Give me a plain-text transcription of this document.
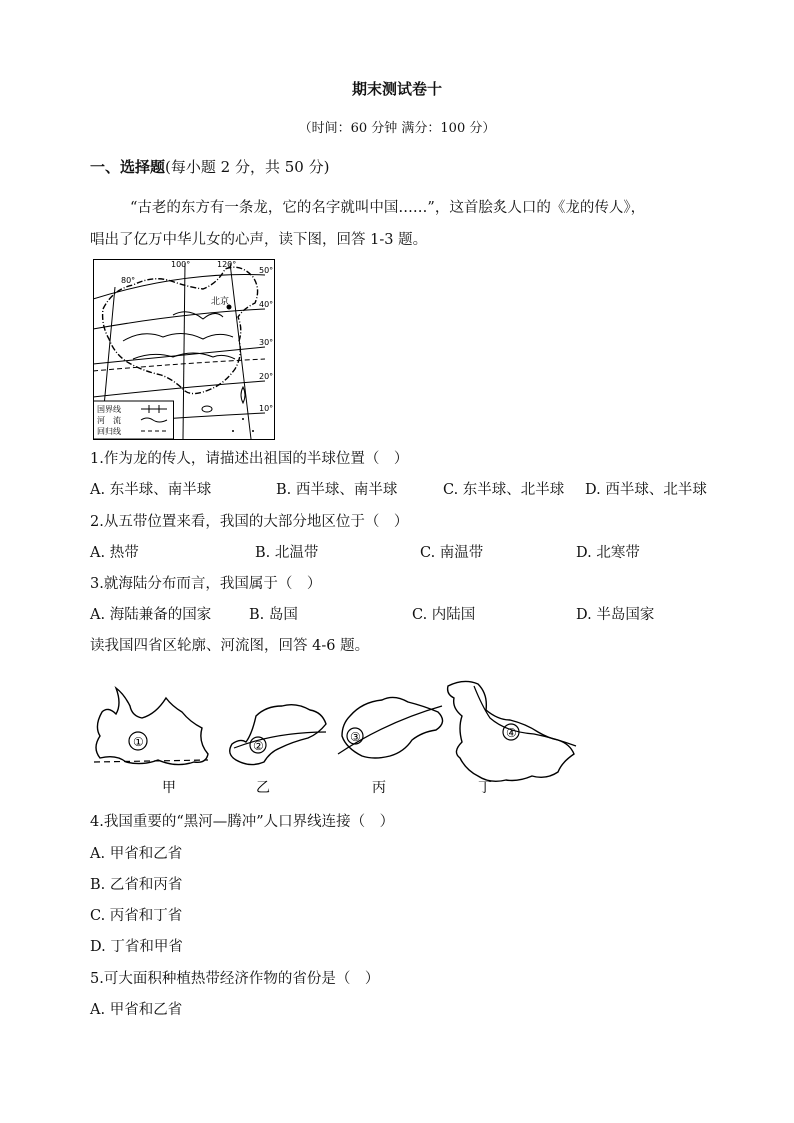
期末测试卷十
（时间：60 分钟 满分：100 分）
一、选择题(每小题 2 分，共 50 分)
“古老的东方有一条龙，它的名字就叫中国……”，这首脍炙人口的《龙的传人》，
唱出了亿万中华儿女的心声，读下图，回答 1-3 题。
北京
80°
100°	120°
50°
40°
30°
20°
10°
国界线
河　流
回归线
1.作为龙的传人，请描述出祖国的半球位置（　）
A. 东半球、南半球	B. 西半球、南半球	C. 东半球、北半球 D. 西半球、北半球
2.从五带位置来看，我国的大部分地区位于（　）
A. 热带	B. 北温带	C. 南温带	D. 北寒带
3.就海陆分布而言，我国属于（　）
A. 海陆兼备的国家	B. 岛国	C. 内陆国	D. 半岛国家
读我国四省区轮廓、河流图，回答 4-6 题。
①	②
③	④
甲	乙	丙	丁
4.我国重要的“黑河—腾冲”人口界线连接（　）
A. 甲省和乙省
B. 乙省和丙省
C. 丙省和丁省
D. 丁省和甲省
5.可大面积种植热带经济作物的省份是（　）
A. 甲省和乙省
